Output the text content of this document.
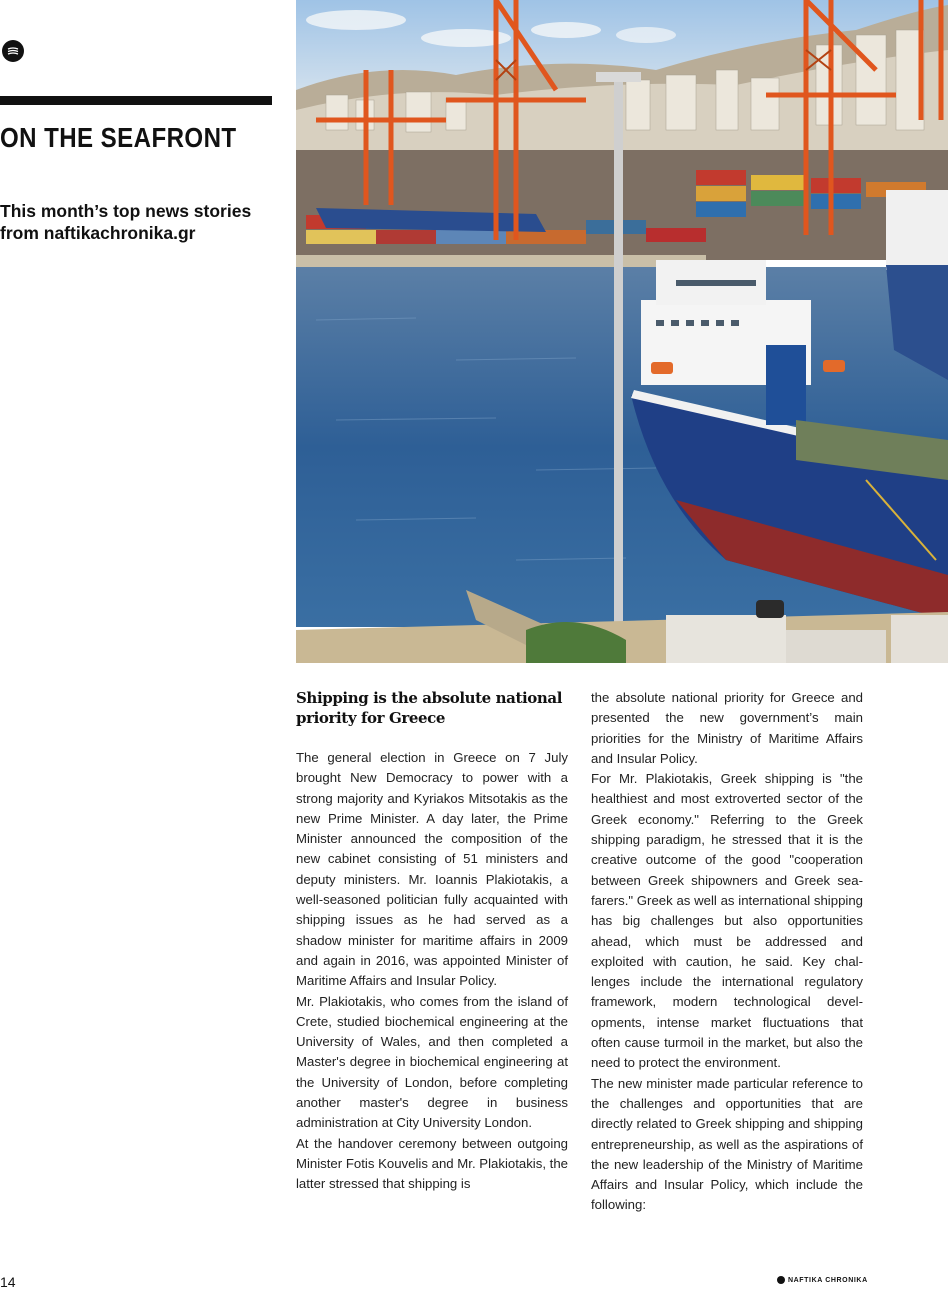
ON THE SEAFRONT

This month’s top news stories from naftikachronika.gr

Shipping is the absolute national priority for Greece

The general election in Greece on 7 July brought New Democracy to power with a strong majority and Kyriakos Mitsotakis as the new Prime Minister. A day later, the Prime Minister announced the composition of the new cabinet consisting of 51 ministers and deputy ministers. Mr. Ioannis Plakiotakis, a well-seasoned politician fully acquainted with shipping issues as he had served as a shadow minister for maritime affairs in 2009 and again in 2016, was appointed Minister of Maritime Affairs and Insular Policy.

Mr. Plakiotakis, who comes from the island of Crete, studied biochemical engineering at the University of Wales, and then completed a Master's degree in biochemical engineering at the University of London, before completing another master's degree in business administration at City University London.

At the handover ceremony between outgoing Minister Fotis Kouvelis and Mr. Plakiotakis, the latter stressed that shipping is

the absolute national priority for Greece and presented the new government’s main priorities for the Ministry of Maritime Affairs and Insular Policy.

For Mr. Plakiotakis, Greek shipping is "the healthiest and most extroverted sector of the Greek economy." Referring to the Greek shipping paradigm, he stressed that it is the creative outcome of the good "cooperation between Greek shipowners and Greek seafarers." Greek as well as international shipping has big challenges but also opportunities ahead, which must be addressed and exploited with caution, he said. Key challenges include the international regulatory framework, modern technological developments, intense market fluctuations that often cause turmoil in the market, but also the need to protect the environment.

The new minister made particular reference to the challenges and opportunities that are directly related to Greek shipping and shipping entrepreneurship, as well as the aspirations of the new leadership of the Ministry of Maritime Affairs and Insular Policy, which include the following:

14	NAFTIKA CHRONIKA
